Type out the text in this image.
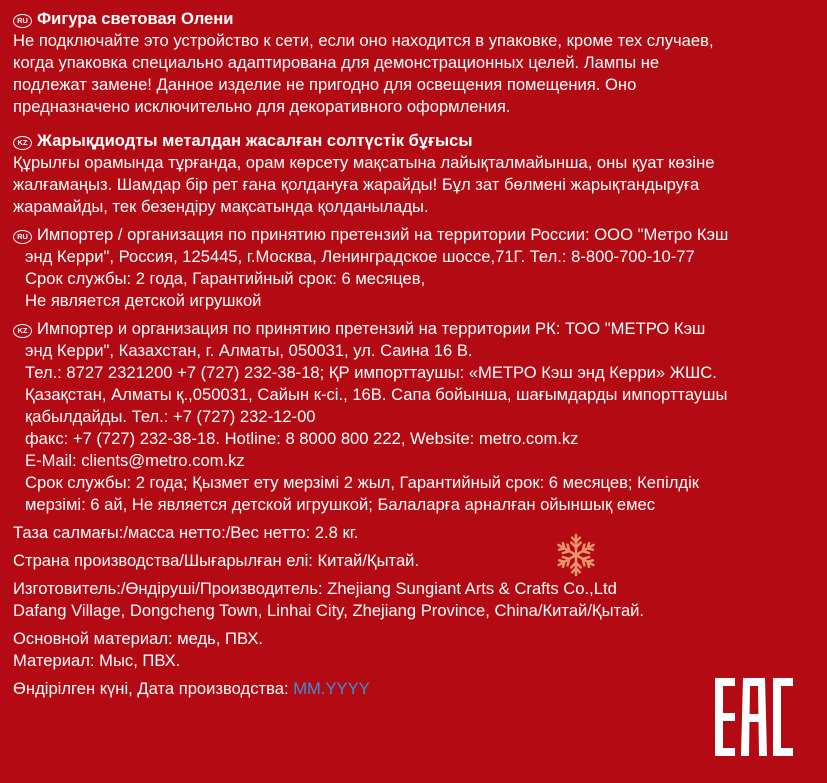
RU Фигура световая Олени
Не подключайте это устройство к сети, если оно находится в упаковке, кроме тех случаев,
когда упаковка специально адаптирована для демонстрационных целей. Лампы не
подлежат замене! Данное изделие не пригодно для освещения помещения. Оно
предназначено исключительно для декоративного оформления.
KZ Жарықдиодты металдан жасалған солтүстік бұғысы
Құрылғы орамында тұрғанда, орам көрсету мақсатына лайықталмайынша, оны қуат көзіне
жалғамаңыз. Шамдар бір рет ғана қолдануға жарайды! Бұл зат бөлмені жарықтандыруға
жарамайды, тек безендіру мақсатында қолданылады.
RU Импортер / организация по принятию претензий на территории России: ООО "Метро Кэш
энд Керри", Россия, 125445, г.Москва, Ленинградское шоссе,71Г. Тел.: 8-800-700-10-77
Срок службы: 2 года, Гарантийный срок: 6 месяцев,
Не является детской игрушкой
KZ Импортер и организация по принятию претензий на территории РК: ТОО "МЕТРО Кэш
энд Керри", Казахстан, г. Алматы, 050031, ул. Саина 16 В.
Тел.: 8727 2321200 +7 (727) 232-38-18; ҚР импорттаушы: «МЕТРО Кэш энд Керри» ЖШС.
Қазақстан, Алматы қ.,050031, Сайын к-сі., 16В. Сапа бойынша, шағымдарды импорттаушы
қабылдайды. Тел.: +7 (727) 232-12-00
факс: +7 (727) 232-38-18. Hotline: 8 8000 800 222, Website: metro.com.kz
E-Mail: clients@metro.com.kz
Срок службы: 2 года; Қызмет ету мерзімі 2 жыл, Гарантийный срок: 6 месяцев; Кепілдік
мерзімі: 6 ай, Не является детской игрушкой; Балаларға арналған ойыншық емес
Таза салмағы:/масса нетто:/Вес нетто: 2.8 кг.
Страна производства/Шығарылған елі: Китай/Қытай.
Изготовитель:/Өндіруші/Производитель: Zhejiang Sungiant Arts & Crafts Co.,Ltd
Dafang Village, Dongcheng Town, Linhai City, Zhejiang Province, China/Китай/Қытай.
Основной материал: медь, ПВХ.
Материал: Мыс, ПВХ.
Өндірілген күні, Дата производства: MM.YYYY
